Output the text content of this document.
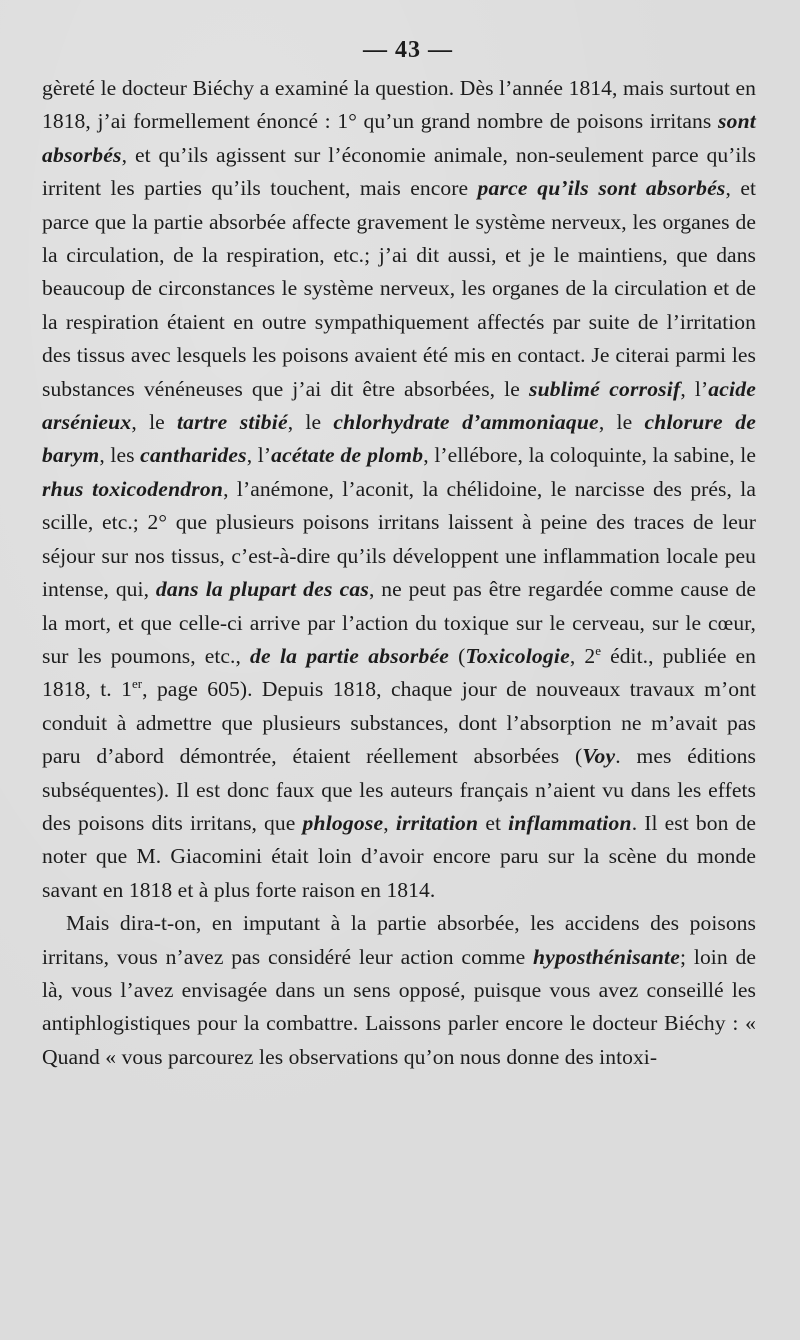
— 43 —

gèreté le docteur Biéchy a examiné la question. Dès l’année 1814, mais surtout en 1818, j’ai formellement énoncé : 1° qu’un grand nombre de poisons irritans sont absorbés, et qu’ils agissent sur l’économie animale, non-seulement parce qu’ils irritent les parties qu’ils touchent, mais encore parce qu’ils sont absorbés, et parce que la partie absorbée affecte gravement le système nerveux, les organes de la circulation, de la respiration, etc.; j’ai dit aussi, et je le maintiens, que dans beaucoup de circonstances le système nerveux, les organes de la circulation et de la respiration étaient en outre sympathiquement affectés par suite de l’irritation des tissus avec lesquels les poisons avaient été mis en contact. Je citerai parmi les substances vénéneuses que j’ai dit être absorbées, le sublimé corrosif, l’acide arsénieux, le tartre stibié, le chlorhydrate d’ammoniaque, le chlorure de barym, les cantharides, l’acétate de plomb, l’ellébore, la coloquinte, la sabine, le rhus toxicodendron, l’anémone, l’aconit, la chélidoine, le narcisse des prés, la scille, etc.; 2° que plusieurs poisons irritans laissent à peine des traces de leur séjour sur nos tissus, c’est-à-dire qu’ils développent une inflammation locale peu intense, qui, dans la plupart des cas, ne peut pas être regardée comme cause de la mort, et que celle-ci arrive par l’action du toxique sur le cerveau, sur le cœur, sur les poumons, etc., de la partie absorbée (Toxicologie, 2e édit., publiée en 1818, t. 1er, page 605). Depuis 1818, chaque jour de nouveaux travaux m’ont conduit à admettre que plusieurs substances, dont l’absorption ne m’avait pas paru d’abord démontrée, étaient réellement absorbées (Voy. mes éditions subséquentes). Il est donc faux que les auteurs français n’aient vu dans les effets des poisons dits irritans, que phlogose, irritation et inflammation. Il est bon de noter que M. Giacomini était loin d’avoir encore paru sur la scène du monde savant en 1818 et à plus forte raison en 1814.

Mais dira-t-on, en imputant à la partie absorbée, les accidens des poisons irritans, vous n’avez pas considéré leur action comme hyposthénisante; loin de là, vous l’avez envisagée dans un sens opposé, puisque vous avez conseillé les antiphlogistiques pour la combattre. Laissons parler encore le docteur Biéchy : « Quand « vous parcourez les observations qu’on nous donne des intoxi-
